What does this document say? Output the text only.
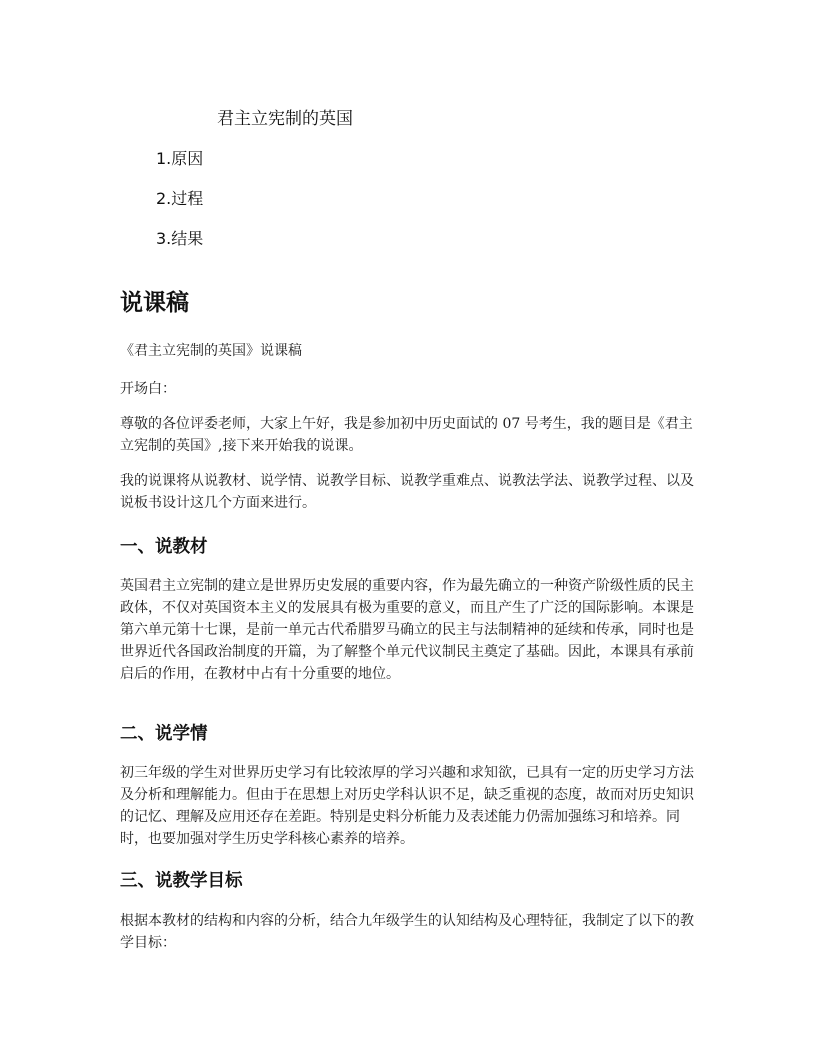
君主立宪制的英国
1.原因
2.过程
3.结果
说课稿

《君主立宪制的英国》说课稿

开场白：

尊敬的各位评委老师，大家上午好，我是参加初中历史面试的 07 号考生，我的题目是《君主立宪制的英国》,接下来开始我的说课。

我的说课将从说教材、说学情、说教学目标、说教学重难点、说教法学法、说教学过程、以及说板书设计这几个方面来进行。

一、说教材

英国君主立宪制的建立是世界历史发展的重要内容，作为最先确立的一种资产阶级性质的民主政体，不仅对英国资本主义的发展具有极为重要的意义，而且产生了广泛的国际影响。本课是第六单元第十七课，是前一单元古代希腊罗马确立的民主与法制精神的延续和传承，同时也是世界近代各国政治制度的开篇，为了解整个单元代议制民主奠定了基础。因此，本课具有承前启后的作用，在教材中占有十分重要的地位。

二、说学情

初三年级的学生对世界历史学习有比较浓厚的学习兴趣和求知欲，已具有一定的历史学习方法及分析和理解能力。但由于在思想上对历史学科认识不足，缺乏重视的态度，故而对历史知识的记忆、理解及应用还存在差距。特别是史料分析能力及表述能力仍需加强练习和培养。同时，也要加强对学生历史学科核心素养的培养。

三、说教学目标

根据本教材的结构和内容的分析，结合九年级学生的认知结构及心理特征，我制定了以下的教学目标：
